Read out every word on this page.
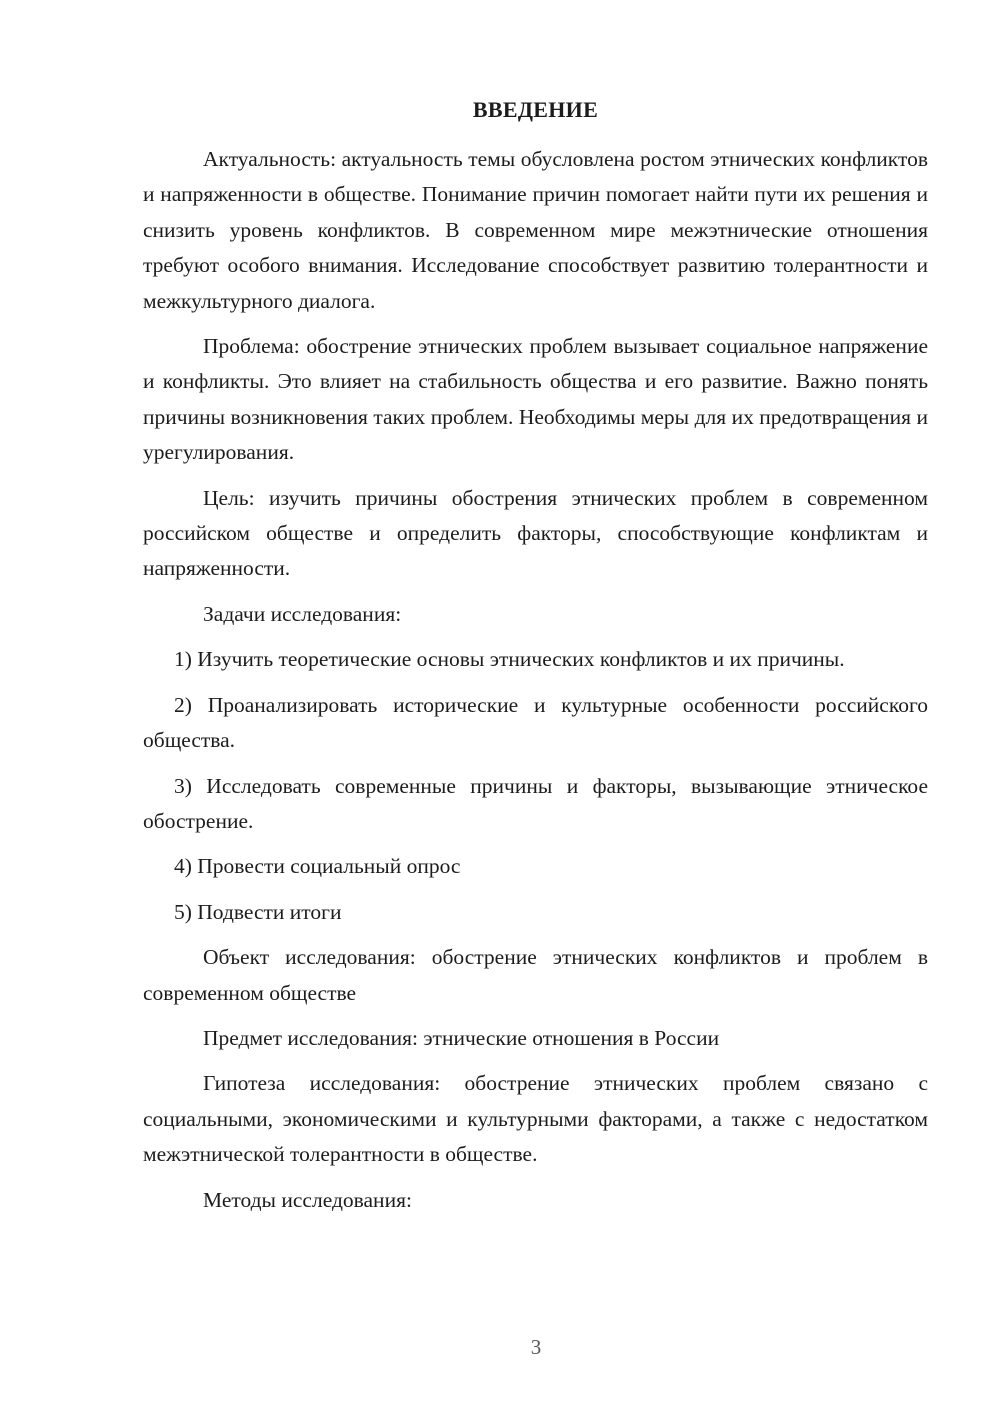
ВВЕДЕНИЕ

Актуальность: актуальность темы обусловлена ростом этнических конфликтов и напряженности в обществе. Понимание причин помогает найти пути их решения и снизить уровень конфликтов. В современном мире межэтнические отношения требуют особого внимания. Исследование способствует развитию толерантности и межкультурного диалога.

Проблема: обострение этнических проблем вызывает социальное напряжение и конфликты. Это влияет на стабильность общества и его развитие. Важно понять причины возникновения таких проблем. Необходимы меры для их предотвращения и урегулирования.

Цель: изучить причины обострения этнических проблем в современном российском обществе и определить факторы, способствующие конфликтам и напряженности.

Задачи исследования:

1) Изучить теоретические основы этнических конфликтов и их причины.

2) Проанализировать исторические и культурные особенности российского общества.

3) Исследовать современные причины и факторы, вызывающие этническое обострение.

4) Провести социальный опрос

5) Подвести итоги

Объект исследования: обострение этнических конфликтов и проблем в современном обществе

Предмет исследования: этнические отношения в России

Гипотеза исследования: обострение этнических проблем связано с социальными, экономическими и культурными факторами, а также с недостатком межэтнической толерантности в обществе.

Методы исследования:

3
